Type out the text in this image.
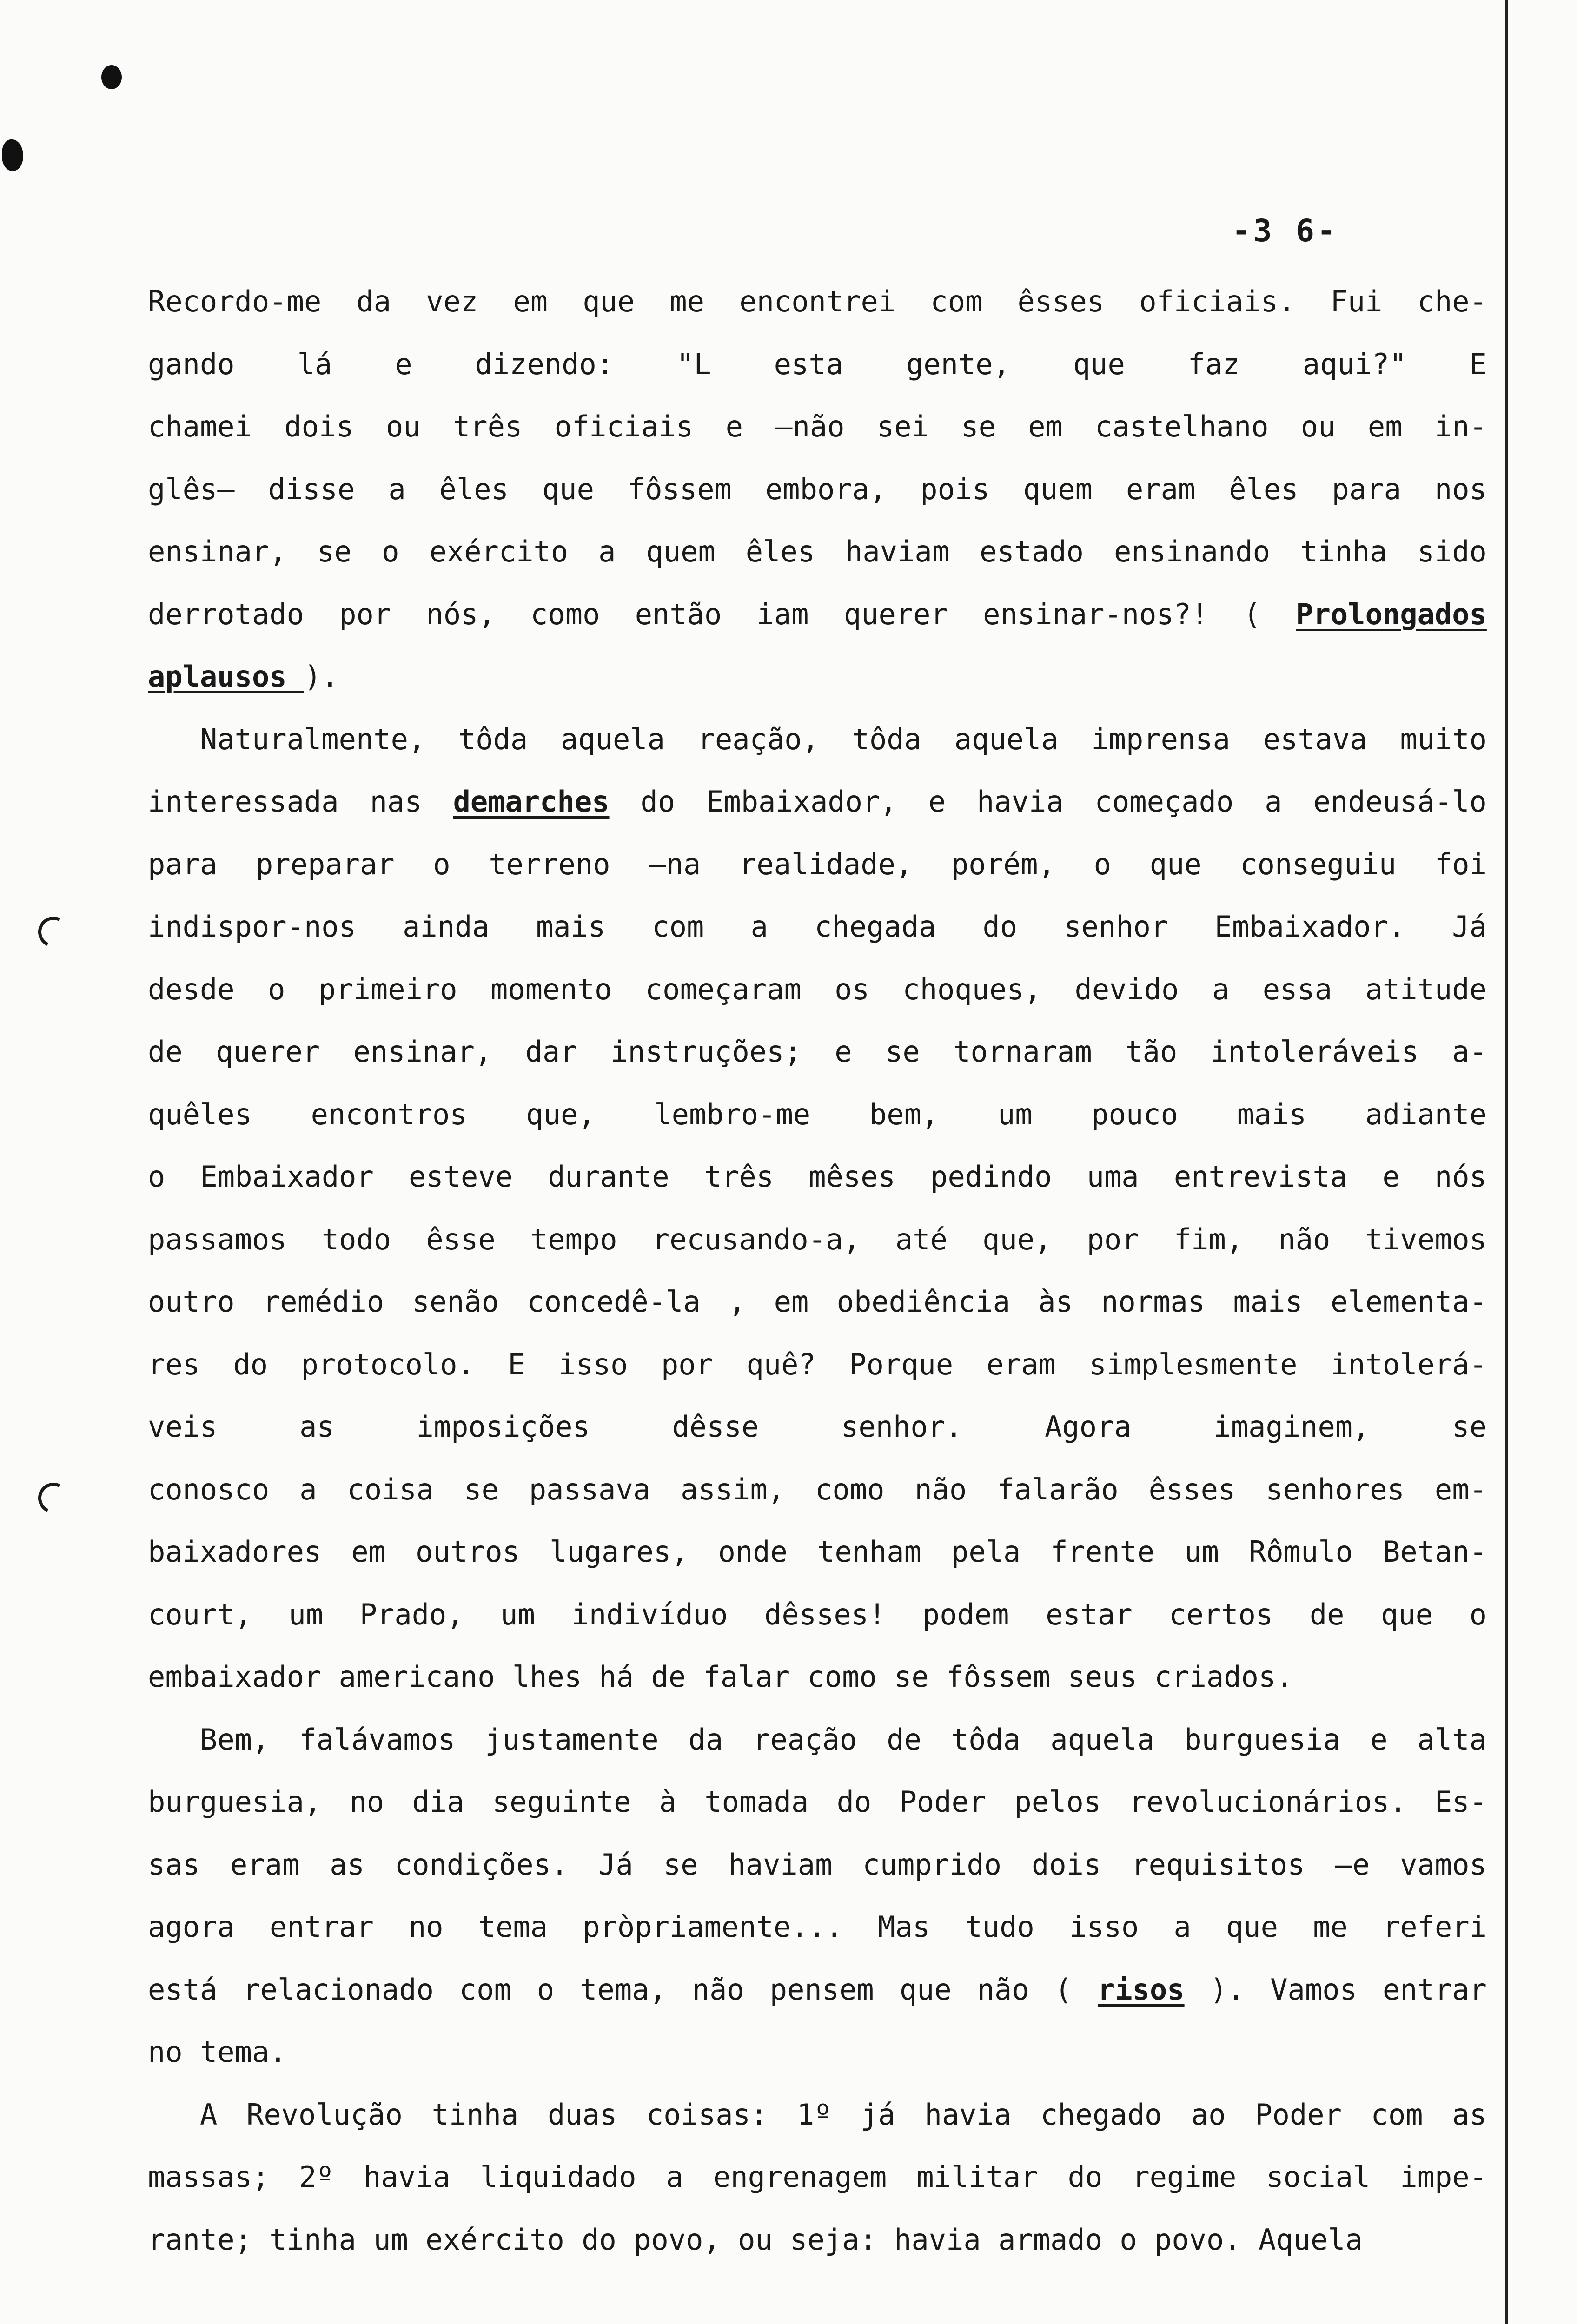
-3 6-
Recordo-me da vez em que me encontrei com êsses oficiais. Fui che-
gando lá e dizendo: "L esta gente, que faz aqui?" E
chamei dois ou três oficiais e —não sei se em castelhano ou em in-
glês— disse a êles que fôssem embora, pois quem eram êles para nos
ensinar, se o exército a quem êles haviam estado ensinando tinha sido
derrotado por nós, como então iam querer ensinar-nos?! ( Prolongados
aplausos ).
Naturalmente, tôda aquela reação, tôda aquela imprensa estava muito
interessada nas demarches do Embaixador, e havia começado a endeusá-lo
para preparar o terreno —na realidade, porém, o que conseguiu foi
indispor-nos ainda mais com a chegada do senhor Embaixador. Já
desde o primeiro momento começaram os choques, devido a essa atitude
de querer ensinar, dar instruções; e se tornaram tão intoleráveis a-
quêles encontros que, lembro-me bem, um pouco mais adiante
o Embaixador esteve durante três mêses pedindo uma entrevista e nós
passamos todo êsse tempo recusando-a, até que, por fim, não tivemos
outro remédio senão concedê-la , em obediência às normas mais elementa-
res do protocolo. E isso por quê? Porque eram simplesmente intolerá-
veis	as	imposições	dêsse	senhor.	Agora	imaginem,	se
conosco a coisa se passava assim, como não falarão êsses senhores em-
baixadores em outros lugares, onde tenham pela frente um Rômulo Betan-
court, um Prado, um indivíduo dêsses! podem estar certos de que o
embaixador americano lhes há de falar como se fôssem seus criados.
Bem, falávamos justamente da reação de tôda aquela burguesia e alta
burguesia, no dia seguinte à tomada do Poder pelos revolucionários. Es-
sas eram as condições. Já se haviam cumprido dois requisitos —e vamos
agora entrar no tema pròpriamente... Mas tudo isso a que me referi
está relacionado com o tema, não pensem que não ( risos ). Vamos entrar
no tema.
A Revolução tinha duas coisas: 1º já havia chegado ao Poder com as
massas; 2º havia liquidado a engrenagem militar do regime social impe-
rante; tinha um exército do povo, ou seja: havia armado o povo. Aquela
